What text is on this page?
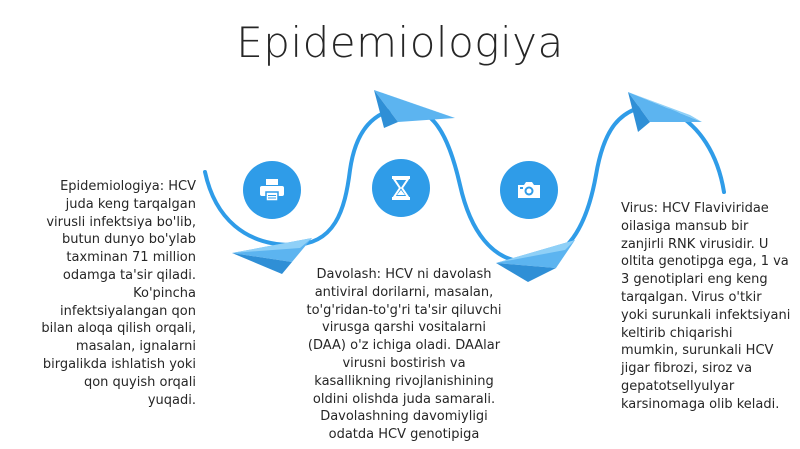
Epidemiologiya

Epidemiologiya: HCV juda keng tarqalgan virusli infektsiya bo'lib, butun dunyo bo'ylab taxminan 71 million odamga ta'sir qiladi. Ko'pincha infektsiyalangan qon bilan aloqa qilish orqali, masalan, ignalarni birgalikda ishlatish yoki qon quyish orqali yuqadi.

Davolash: HCV ni davolash antiviral dorilarni, masalan, to'g'ridan-to'g'ri ta'sir qiluvchi virusga qarshi vositalarni (DAA) o'z ichiga oladi. DAAlar virusni bostirish va kasallikning rivojlanishining oldini olishda juda samarali. Davolashning davomiyligi odatda HCV genotipiga

Virus: HCV Flaviviridae oilasiga mansub bir zanjirli RNK virusidir. U oltita genotipga ega, 1 va 3 genotiplari eng keng tarqalgan. Virus o'tkir yoki surunkali infektsiyani keltirib chiqarishi mumkin, surunkali HCV jigar fibrozi, siroz va gepatotsellyulyar karsinomaga olib keladi.
